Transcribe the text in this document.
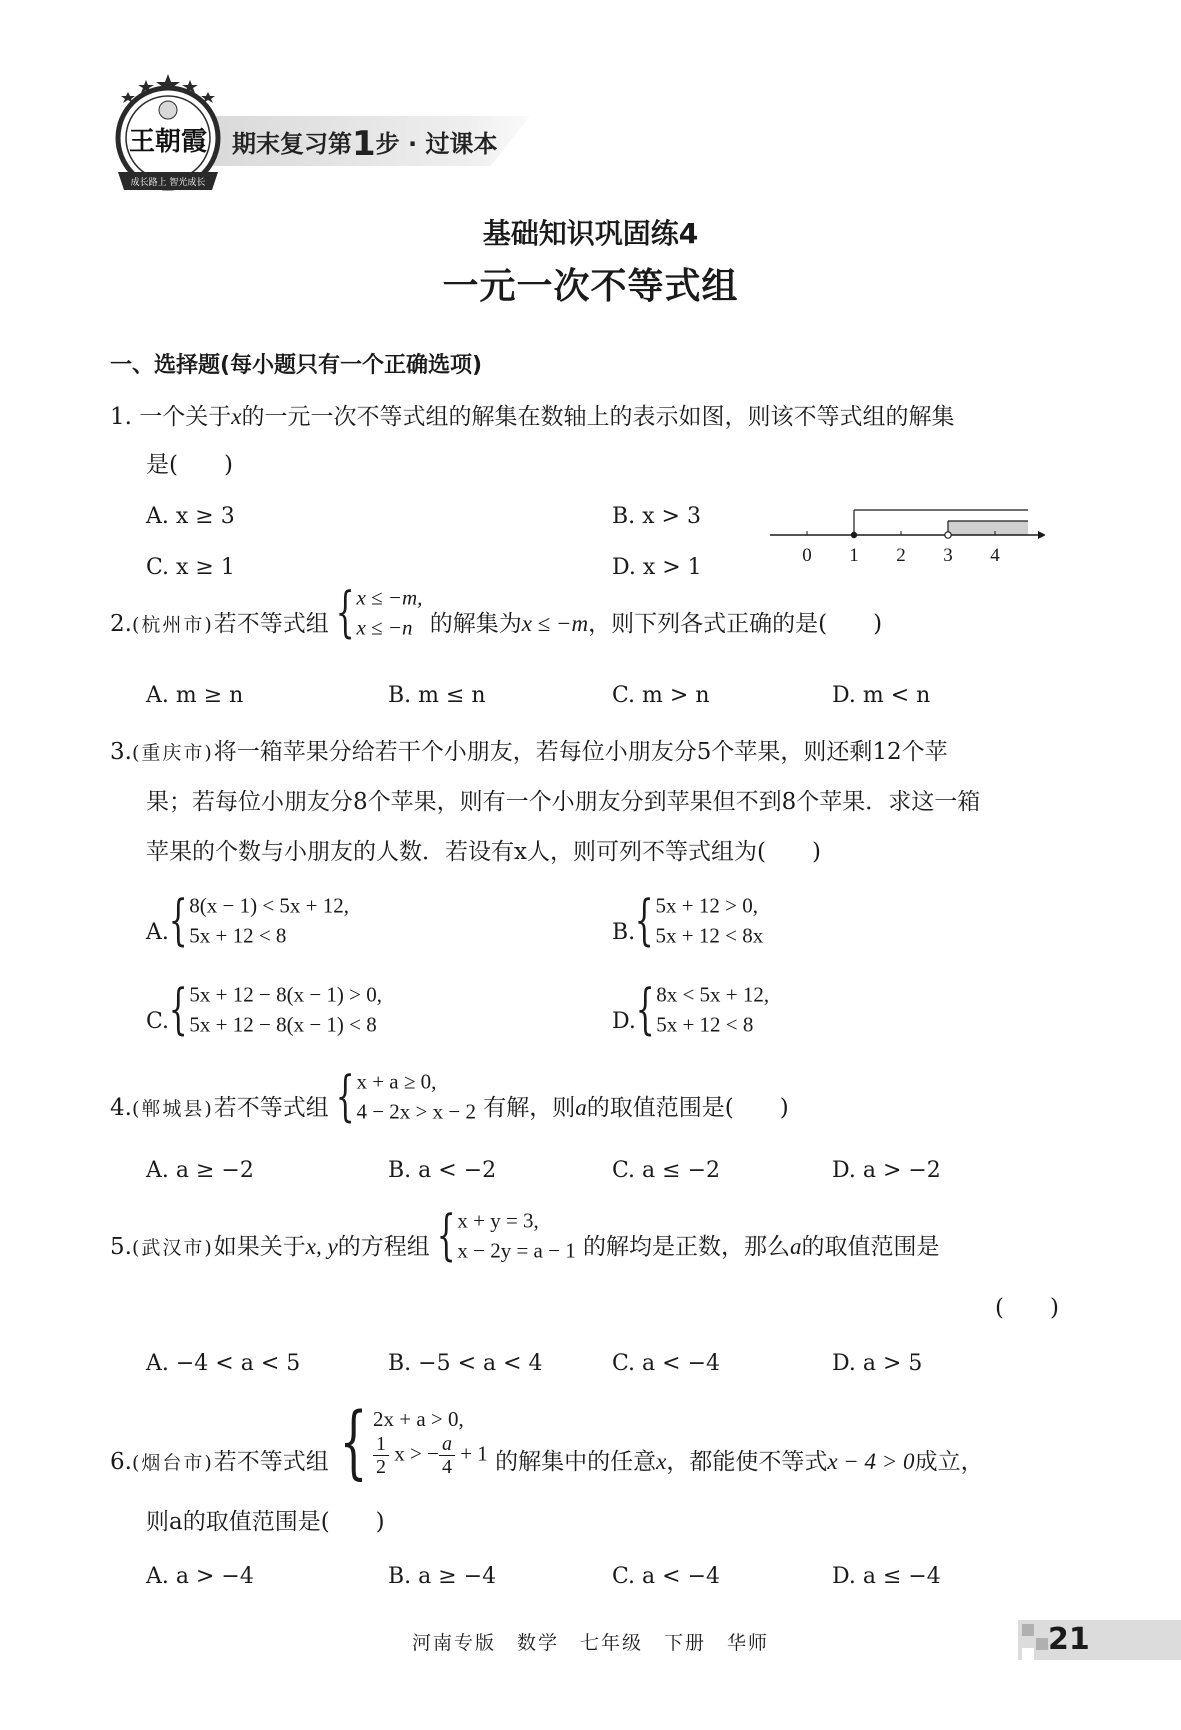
期末复习第1步 · 过课本
王朝霞
成长路上 智光成长
基础知识巩固练4
一元一次不等式组
一、选择题(每小题只有一个正确选项)
1. 一个关于x的一元一次不等式组的解集在数轴上的表示如图，则该不等式组的解集
是(　　)
A. x ≥ 3	B. x > 3
C. x ≥ 1	D. x > 1	0 1 2 3 4
2.(杭州市)若不等式组 { x ≤ −m,
x ≤ −n 的解集为x ≤ −m，则下列各式正确的是(　　)
A. m ≥ n	B. m ≤ n	C. m > n	D. m < n
3.(重庆市)将一箱苹果分给若干个小朋友，若每位小朋友分5个苹果，则还剩12个苹
果；若每位小朋友分8个苹果，则有一个小朋友分到苹果但不到8个苹果．求这一箱
苹果的个数与小朋友的人数．若设有x人，则可列不等式组为(　　)
A. { 8(x − 1) < 5x + 12,
5x + 12 < 8	B. { 5x + 12 > 0,
5x + 12 < 8x
C. { 5x + 12 − 8(x − 1) > 0,
5x + 12 − 8(x − 1) < 8	D. { 8x < 5x + 12,
5x + 12 < 8
4.(郸城县)若不等式组 { x + a ≥ 0,
4 − 2x > x − 2 有解，则a的取值范围是(　　)
A. a ≥ −2	B. a < −2	C. a ≤ −2	D. a > −2
5.(武汉市)如果关于x, y的方程组 { x + y = 3,
x − 2y = a − 1 的解均是正数，那么a的取值范围是
(　　)
A. −4 < a < 5	B. −5 < a < 4	C. a < −4	D. a > 5
6.(烟台市)若不等式组 { 2x + a > 0,
$\frac{1}{2}$ x > − $\frac{a}{4} + 1$ 的解集中的任意x，都能使不等式x − 4 > 0成立，
则a的取值范围是(　　)
A. a > −4	B. a ≥ −4	C. a < −4	D. a ≤ −4
河南专版　数学　七年级　下册　华师	21
